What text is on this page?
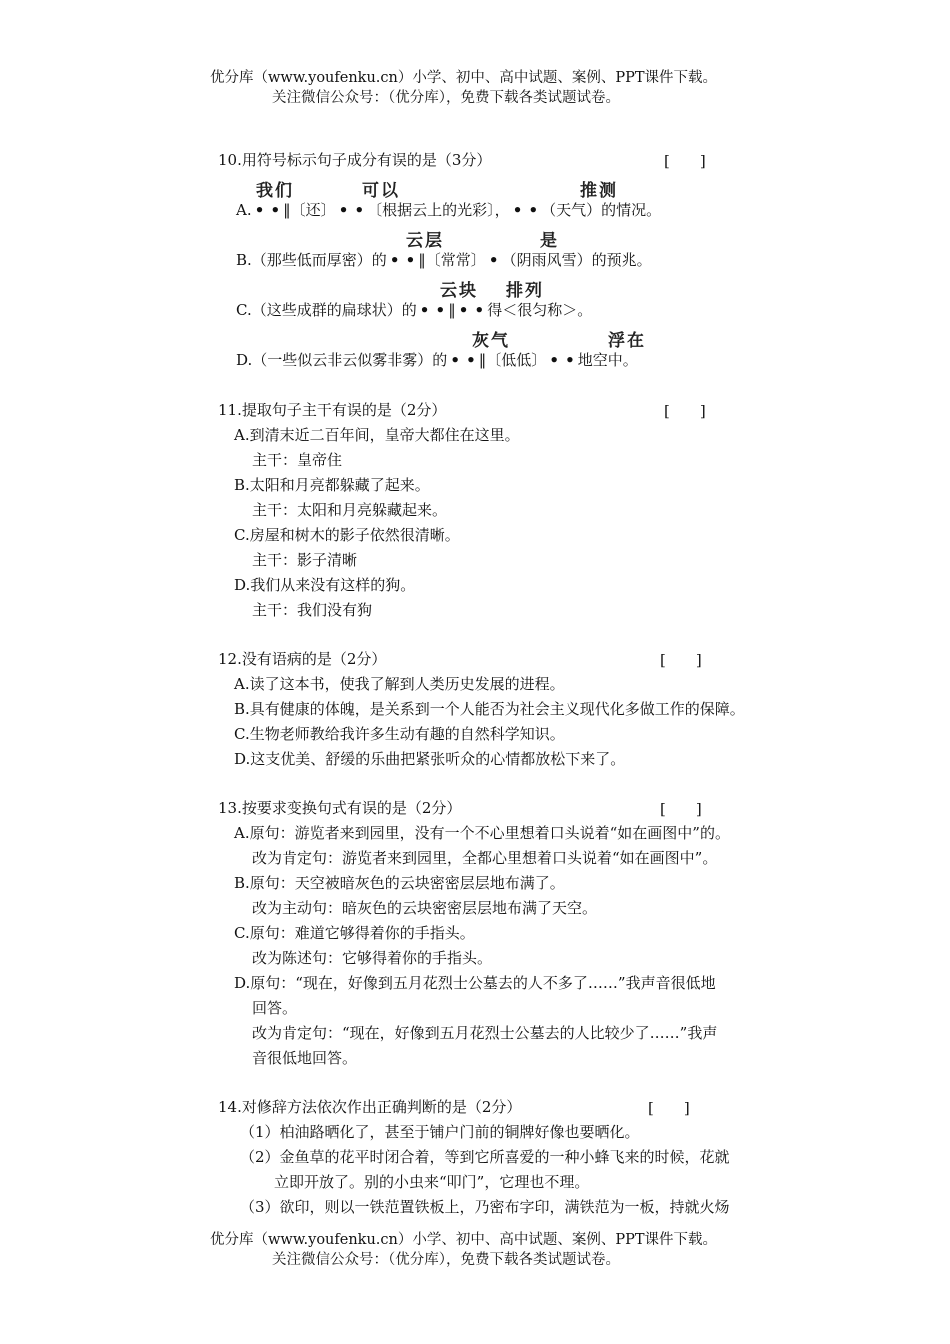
优分库（www.youfenku.cn）小学、初中、高中试题、案例、PPT课件下载。
关注微信公众号：（优分库），免费下载各类试题试卷。
10.用符号标示句子成分有误的是（3分）	[　　]
我们	可以	推测
A. • • ‖〔还〕 • • 〔根据云上的光彩〕， • • （天气）的情况。
云层	是
B.（那些低而厚密）的 • • ‖〔常常〕 • （阴雨风雪）的预兆。
云块 排列
C.（这些成群的扁球状）的 • • ‖ • • 得＜很匀称＞。
灰气	浮在
D.（一些似云非云似雾非雾）的 • • ‖〔低低〕 • • 地空中。
11.提取句子主干有误的是（2分）	[　　]
A.到清末近二百年间，皇帝大都住在这里。
主干：皇帝住
B.太阳和月亮都躲藏了起来。
主干：太阳和月亮躲藏起来。
C.房屋和树木的影子依然很清晰。
主干：影子清晰
D.我们从来没有这样的狗。
主干：我们没有狗
12.没有语病的是（2分）	[　　]
A.读了这本书，使我了解到人类历史发展的进程。
B.具有健康的体魄，是关系到一个人能否为社会主义现代化多做工作的保障。
C.生物老师教给我许多生动有趣的自然科学知识。
D.这支优美、舒缓的乐曲把紧张听众的心情都放松下来了。
13.按要求变换句式有误的是（2分）	[　　]
A.原句：游览者来到园里，没有一个不心里想着口头说着“如在画图中”的。
改为肯定句：游览者来到园里，全都心里想着口头说着“如在画图中”。
B.原句：天空被暗灰色的云块密密层层地布满了。
改为主动句：暗灰色的云块密密层层地布满了天空。
C.原句：难道它够得着你的手指头。
改为陈述句：它够得着你的手指头。
D.原句：“现在，好像到五月花烈士公墓去的人不多了……”我声音很低地
回答。
改为肯定句：“现在，好像到五月花烈士公墓去的人比较少了……”我声
音很低地回答。
14.对修辞方法依次作出正确判断的是（2分）	[　　]
（1）柏油路晒化了，甚至于铺户门前的铜牌好像也要晒化。
（2）金鱼草的花平时闭合着，等到它所喜爱的一种小蜂飞来的时候，花就
立即开放了。别的小虫来“叩门”，它理也不理。
（3）欲印，则以一铁范置铁板上，乃密布字印，满铁范为一板，持就火炀
优分库（www.youfenku.cn）小学、初中、高中试题、案例、PPT课件下载。
关注微信公众号：（优分库），免费下载各类试题试卷。
